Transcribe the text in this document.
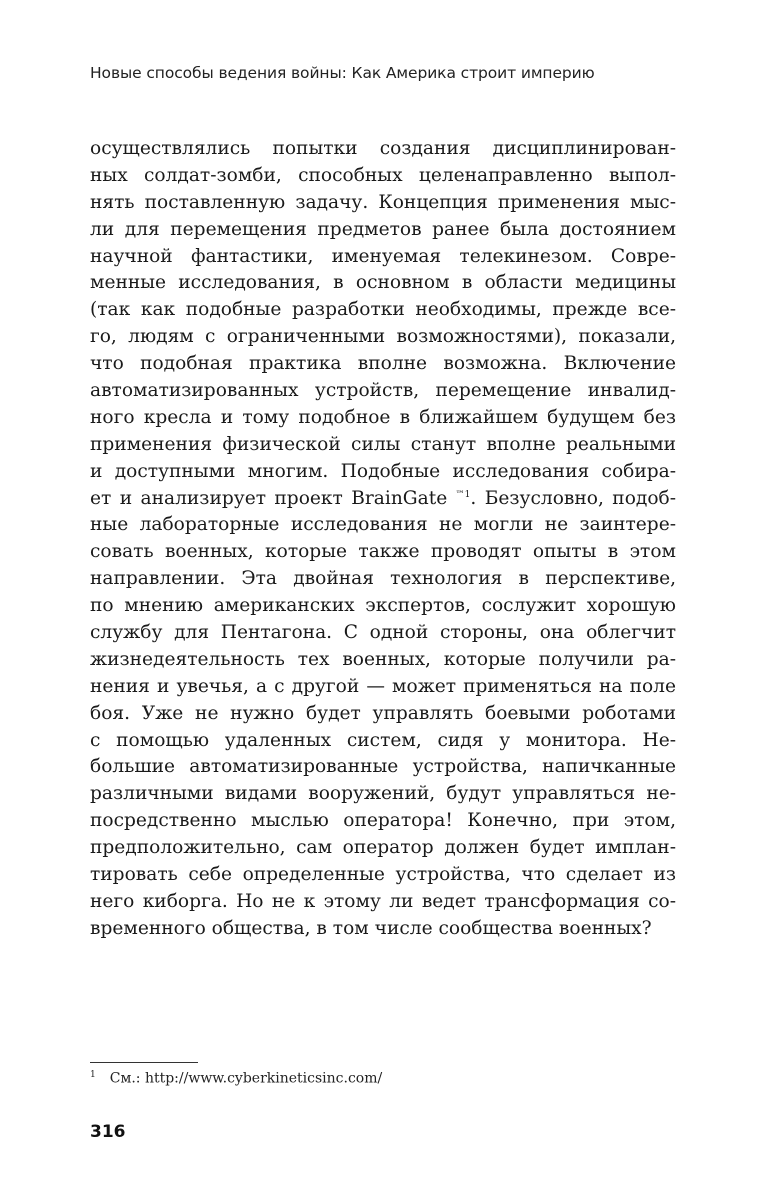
Новые способы ведения войны: Как Америка строит империю
осуществлялись попытки создания дисциплинирован-
ных солдат-зомби, способных целенаправленно выпол-
нять поставленную задачу. Концепция применения мыс-
ли для перемещения предметов ранее была достоянием
научной фантастики, именуемая телекинезом. Совре-
менные исследования, в основном в области медицины
(так как подобные разработки необходимы, прежде все-
го, людям с ограниченными возможностями), показали,
что подобная практика вполне возможна. Включение
автоматизированных устройств, перемещение инвалид-
ного кресла и тому подобное в ближайшем будущем без
применения физической силы станут вполне реальными
и доступными многим. Подобные исследования собира-
ет и анализирует проект BrainGate $^{™1}$. Безусловно, подоб-
ные лабораторные исследования не могли не заинтере-
совать военных, которые также проводят опыты в этом
направлении. Эта двойная технология в перспективе,
по мнению американских экспертов, сослужит хорошую
службу для Пентагона. С одной стороны, она облегчит
жизнедеятельность тех военных, которые получили ра-
нения и увечья, а с другой — может применяться на поле
боя. Уже не нужно будет управлять боевыми роботами
с помощью удаленных систем, сидя у монитора. Не-
большие автоматизированные устройства, напичканные
различными видами вооружений, будут управляться не-
посредственно мыслью оператора! Конечно, при этом,
предположительно, сам оператор должен будет имплан-
тировать себе определенные устройства, что сделает из
него киборга. Но не к этому ли ведет трансформация со-
временного общества, в том числе сообщества военных?
$^1$ См.: http://www.cyberkineticsinc.com/
316
